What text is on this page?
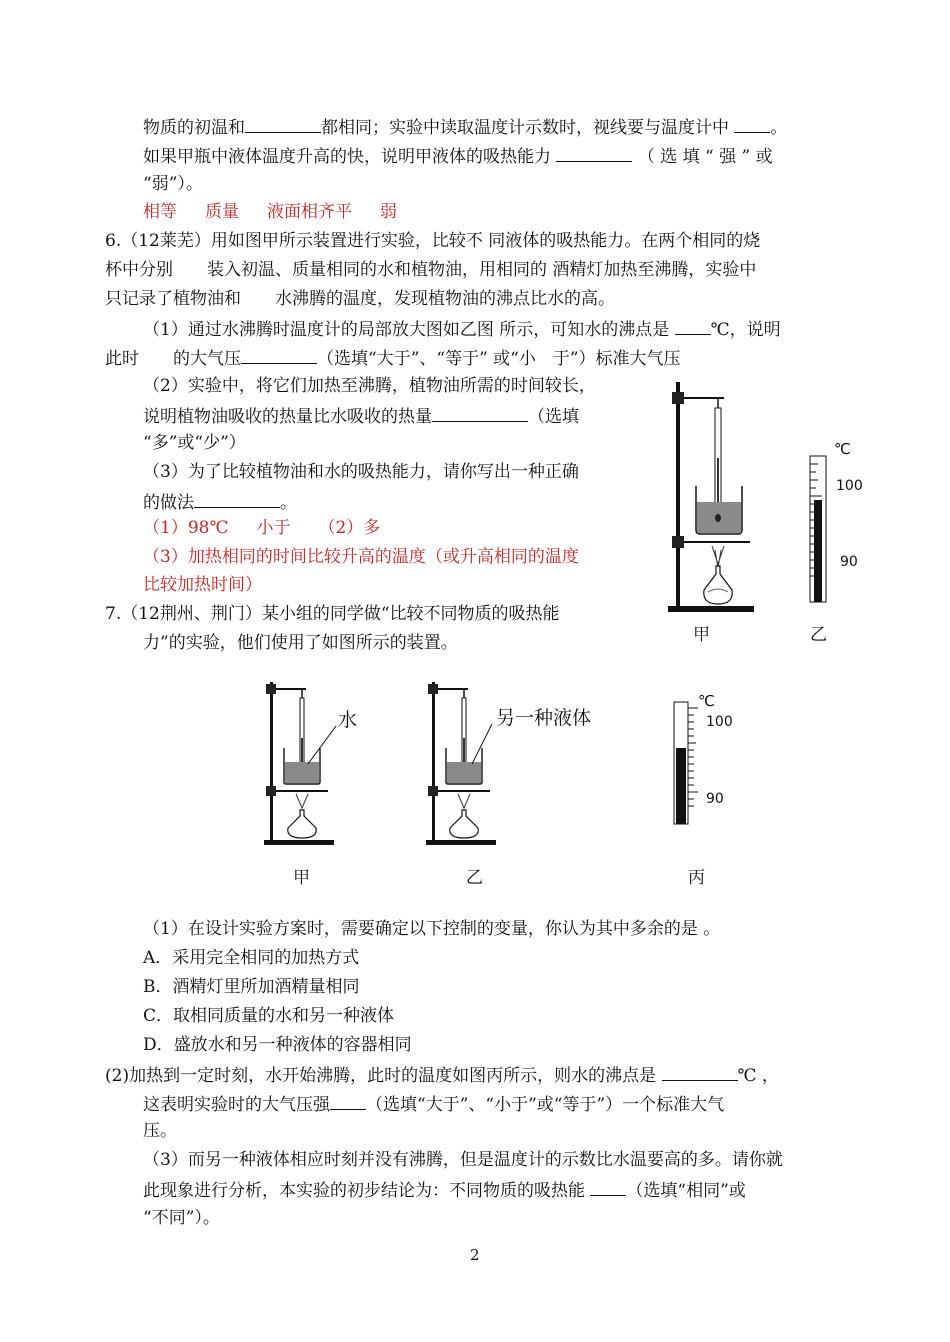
物质的初温和	都相同；实验中读取温度计示数时，视线要与温度计中 。
如果甲瓶中液体温度升高的快，说明甲液体的吸热能力	（ 选 填 “ 强 ” 或
“弱”）。
相等 质量 液面相齐平 弱
6.（12莱芜）用如图甲所示装置进行实验，比较不 同液体的吸热能力。在两个相同的烧
杯中分别　　装入初温、质量相同的水和植物油，用相同的 酒精灯加热至沸腾，实验中
只记录了植物油和　　水沸腾的温度，发现植物油的沸点比水的高。
（1）通过水沸腾时温度计的局部放大图如乙图 所示，可知水的沸点是 ℃，说明
此时　　的大气压	（选填“大于”、“等于” 或“小　于”）标准大气压
（2）实验中，将它们加热至沸腾，植物油所需的时间较长，
说明植物油吸收的热量比水吸收的热量	（选填
“多”或“少”）
（3）为了比较植物油和水的吸热能力，请你写出一种正确
的做法	。
（1）98℃ 小于 （2）多
（3）加热相同的时间比较升高的温度（或升高相同的温度
比较加热时间）
甲
℃
100
90
乙
7.（12荆州、荆门）某小组的同学做“比较不同物质的吸热能
力”的实验，他们使用了如图所示的装置。
水
甲
另一种液体
乙
℃
100
90
丙
（1）在设计实验方案时，需要确定以下控制的变量，你认为其中多余的是 。
A．采用完全相同的加热方式
B．酒精灯里所加酒精量相同
C．取相同质量的水和另一种液体
D．盛放水和另一种液体的容器相同
(2)加热到一定时刻，水开始沸腾，此时的温度如图丙所示，则水的沸点是	℃ ，
这表明实验时的大气压强 （选填“大于”、“小于”或“等于”）一个标准大气
压。
（3）而另一种液体相应时刻并没有沸腾，但是温度计的示数比水温要高的多。请你就
此现象进行分析，本实验的初步结论为：不同物质的吸热能 （选填“相同”或
“不同”）。
2
